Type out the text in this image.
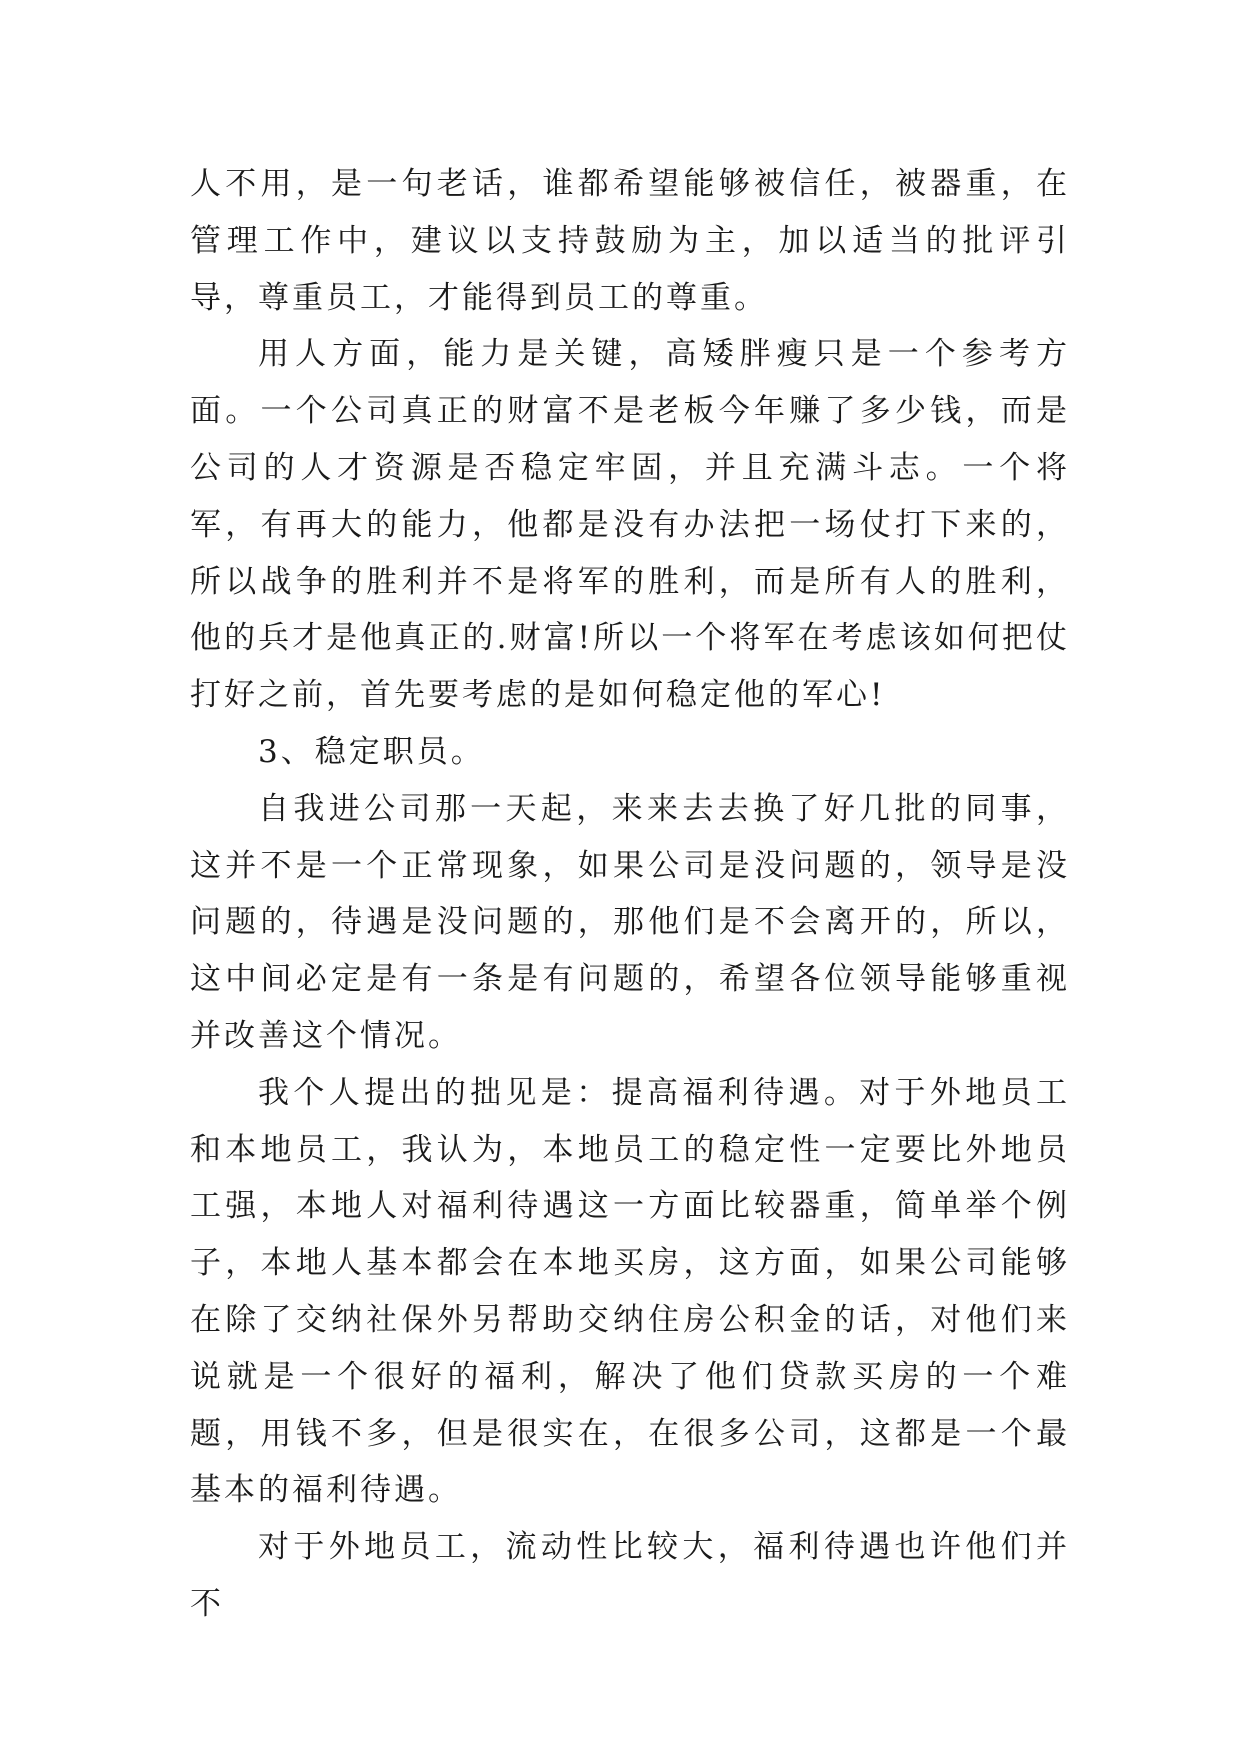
人不用，是一句老话，谁都希望能够被信任，被器重，在管理工作中，建议以支持鼓励为主，加以适当的批评引导，尊重员工，才能得到员工的尊重。

用人方面，能力是关键，高矮胖瘦只是一个参考方面。一个公司真正的财富不是老板今年赚了多少钱，而是公司的人才资源是否稳定牢固，并且充满斗志。一个将军，有再大的能力，他都是没有办法把一场仗打下来的，所以战争的胜利并不是将军的胜利，而是所有人的胜利，他的兵才是他真正的.财富!所以一个将军在考虑该如何把仗打好之前，首先要考虑的是如何稳定他的军心!

3、稳定职员。

自我进公司那一天起，来来去去换了好几批的同事，这并不是一个正常现象，如果公司是没问题的，领导是没问题的，待遇是没问题的，那他们是不会离开的，所以，这中间必定是有一条是有问题的，希望各位领导能够重视并改善这个情况。

我个人提出的拙见是：提高福利待遇。对于外地员工和本地员工，我认为，本地员工的稳定性一定要比外地员工强，本地人对福利待遇这一方面比较器重，简单举个例子，本地人基本都会在本地买房，这方面，如果公司能够在除了交纳社保外另帮助交纳住房公积金的话，对他们来说就是一个很好的福利，解决了他们贷款买房的一个难题，用钱不多，但是很实在，在很多公司，这都是一个最基本的福利待遇。

对于外地员工，流动性比较大，福利待遇也许他们并不
